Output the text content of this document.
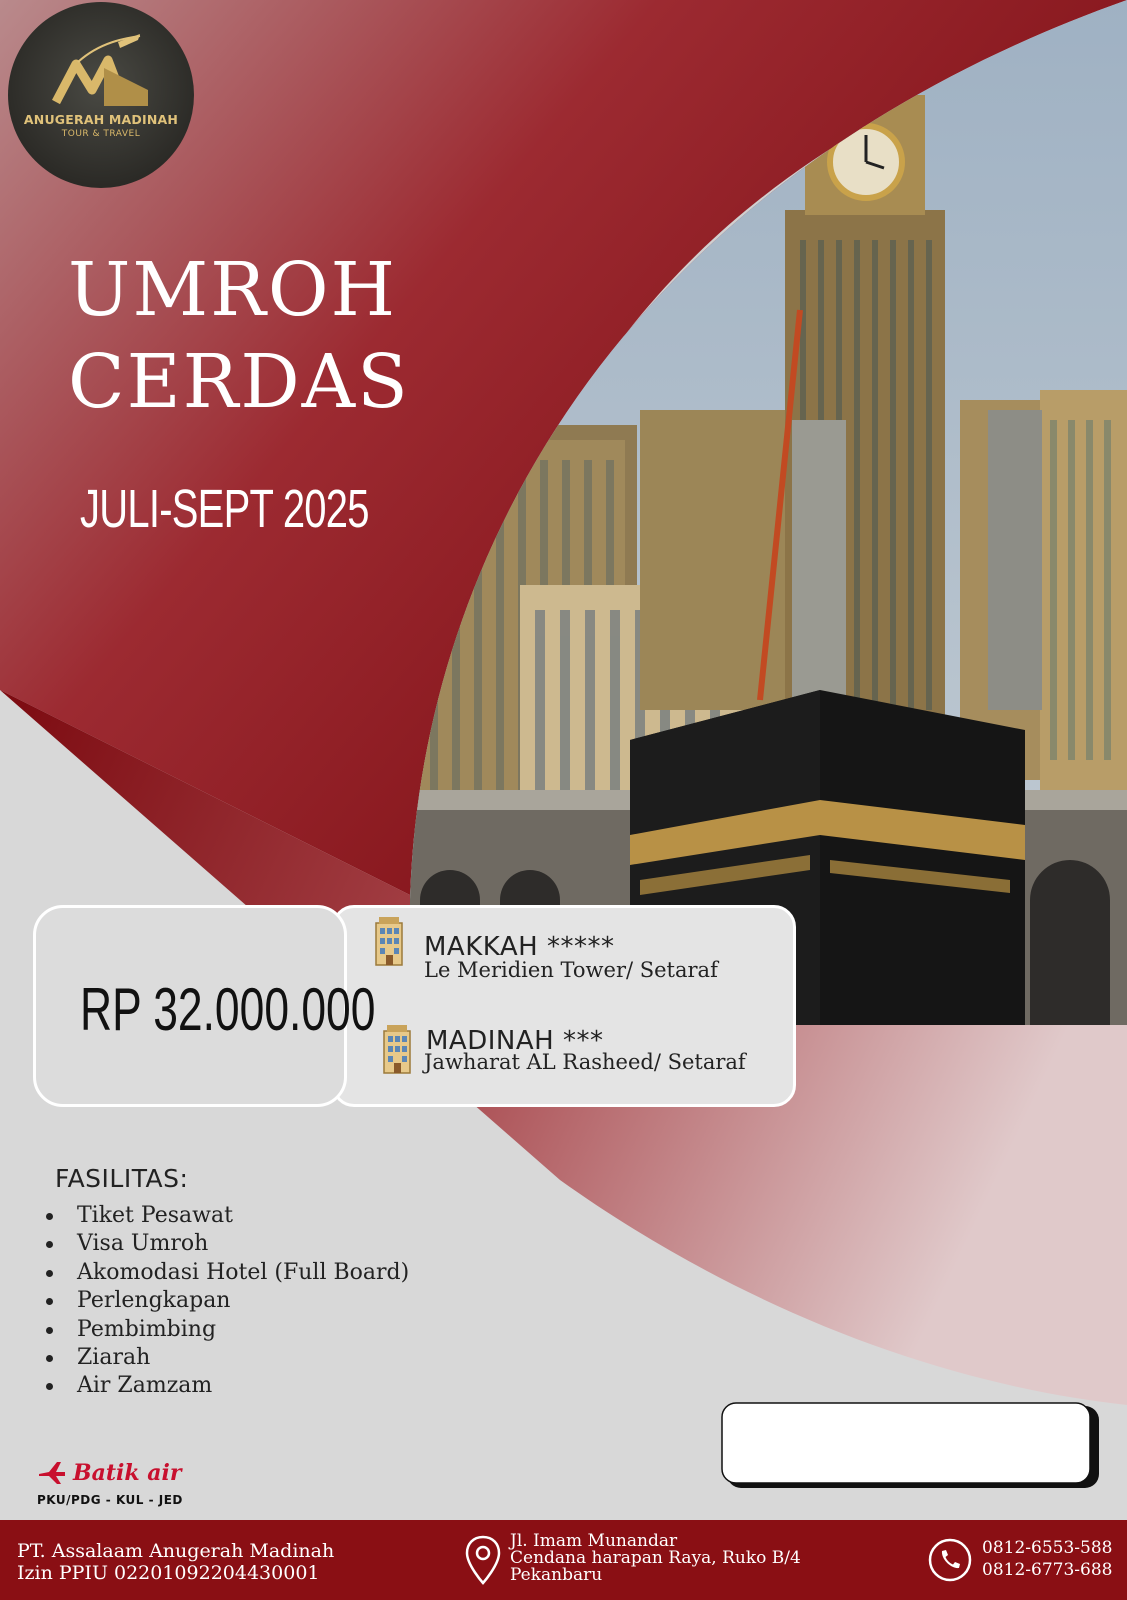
ANUGERAH MADINAH
TOUR & TRAVEL
UMROH
CERDAS
JULI-SEPT 2025
RP 32.000.000
MAKKAH *****
Le Meridien Tower/ Setaraf
MADINAH ***
Jawharat AL Rasheed/ Setaraf
FASILITAS:
Tiket Pesawat
Visa Umroh
Akomodasi Hotel (Full Board)
Perlengkapan
Pembimbing
Ziarah
Air Zamzam
Batik air
PKU/PDG - KUL - JED
PT. Assalaam Anugerah Madinah
Izin PPIU 02201092204430001
Jl. Imam Munandar
Cendana harapan Raya, Ruko B/4
Pekanbaru
0812-6553-588
0812-6773-688
